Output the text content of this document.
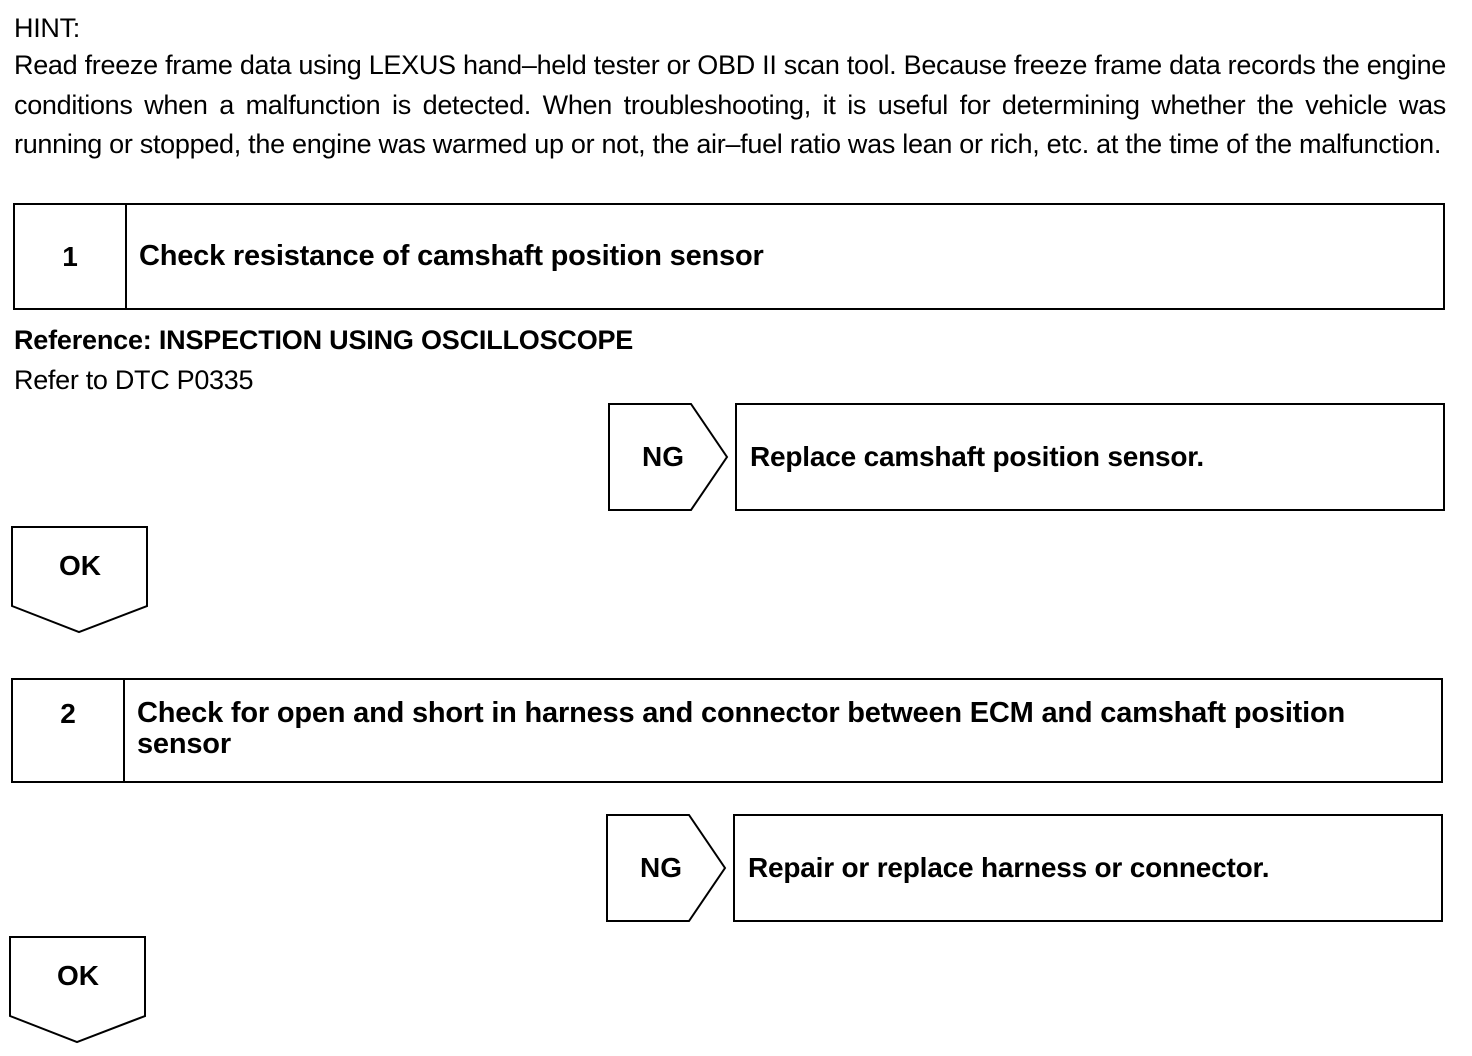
HINT:
Read freeze frame data using LEXUS hand–held tester or OBD II scan tool. Because freeze frame data records the engine conditions when a malfunction is detected. When troubleshooting, it is useful for determining whether the vehicle was running or stopped, the engine was warmed up or not, the air–fuel ratio was lean or rich, etc. at the time of the malfunction.
1	Check resistance of camshaft position sensor
Reference: INSPECTION USING OSCILLOSCOPE
Refer to DTC P0335
NG	Replace camshaft position sensor.
OK
2	Check for open and short in harness and connector between ECM and camshaft position sensor
NG	Repair or replace harness or connector.
OK
